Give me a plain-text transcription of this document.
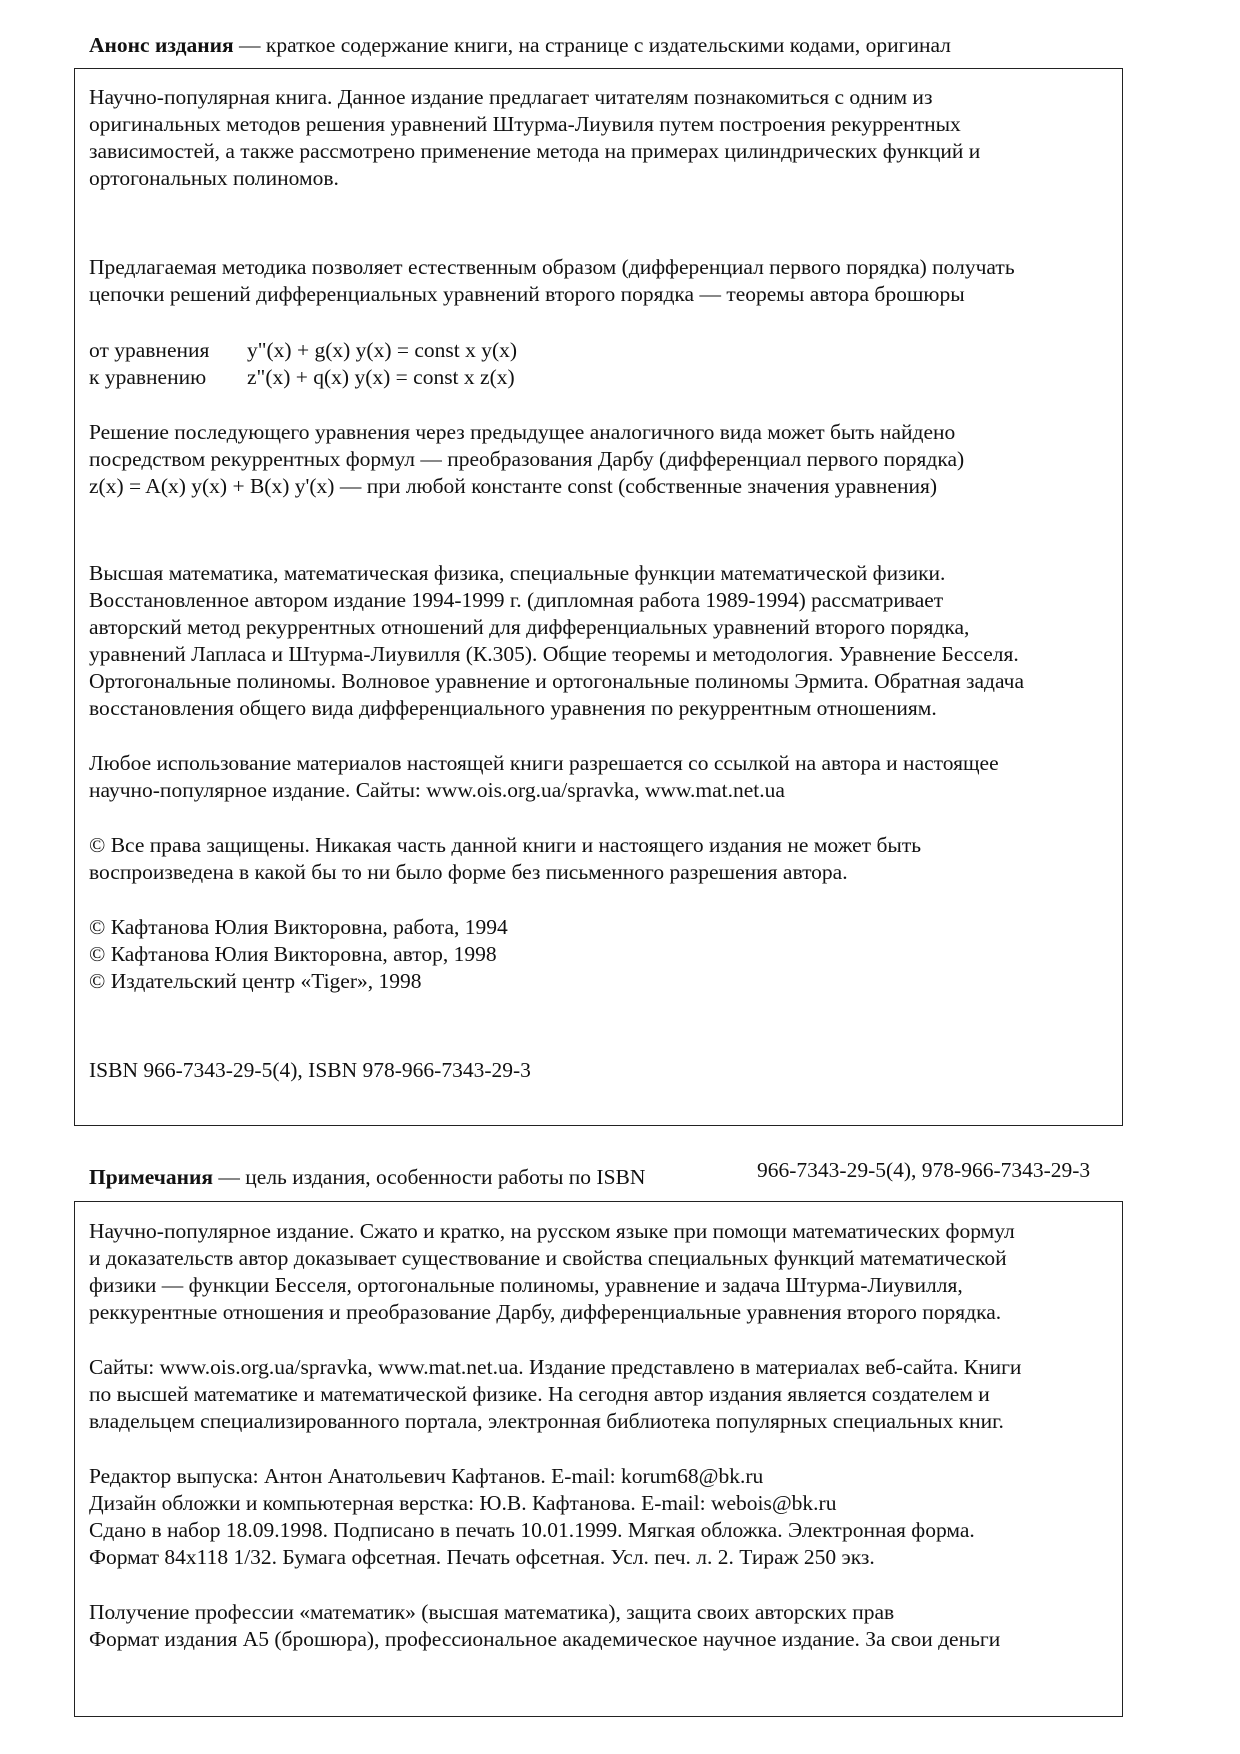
Анонс издания — краткое содержание книги, на странице с издательскими кодами, оригинал
Научно-популярная книга. Данное издание предлагает читателям познакомиться с одним из
оригинальных методов решения уравнений Штурма-Лиувиля путем построения рекуррентных
зависимостей, а также рассмотрено применение метода на примерах цилиндрических функций и
ортогональных полиномов.
Предлагаемая методика позволяет естественным образом (дифференциал первого порядка) получать
цепочки решений дифференциальных уравнений второго порядка — теоремы автора брошюры
от уравнения y"(x) + g(x) y(x) = const x y(x)
к уравнению z"(x) + q(x) y(x) = const x z(x)
Решение последующего уравнения через предыдущее аналогичного вида может быть найдено
посредством рекуррентных формул — преобразования Дарбу (дифференциал первого порядка)
z(x) = A(x) y(x) + B(x) y'(x) — при любой константе const (собственные значения уравнения)
Высшая математика, математическая физика, специальные функции математической физики.
Восстановленное автором издание 1994-1999 г. (дипломная работа 1989-1994) рассматривает
авторский метод рекуррентных отношений для дифференциальных уравнений второго порядка,
уравнений Лапласа и Штурма-Лиувилля (К.305). Общие теоремы и методология. Уравнение Бесселя.
Ортогональные полиномы. Волновое уравнение и ортогональные полиномы Эрмита. Обратная задача
восстановления общего вида дифференциального уравнения по рекуррентным отношениям.
Любое использование материалов настоящей книги разрешается со ссылкой на автора и настоящее
научно-популярное издание. Сайты: www.ois.org.ua/spravka, www.mat.net.ua
© Все права защищены. Никакая часть данной книги и настоящего издания не может быть
воспроизведена в какой бы то ни было форме без письменного разрешения автора.
© Кафтанова Юлия Викторовна, работа, 1994
© Кафтанова Юлия Викторовна, автор, 1998
© Издательский центр «Tiger», 1998
ISBN 966-7343-29-5(4), ISBN 978-966-7343-29-3
Примечания — цель издания, особенности работы по ISBN	966-7343-29-5(4), 978-966-7343-29-3
Научно-популярное издание. Сжато и кратко, на русском языке при помощи математических формул
и доказательств автор доказывает существование и свойства специальных функций математической
физики — функции Бесселя, ортогональные полиномы, уравнение и задача Штурма-Лиувилля,
реккурентные отношения и преобразование Дарбу, дифференциальные уравнения второго порядка.
Сайты: www.ois.org.ua/spravka, www.mat.net.ua. Издание представлено в материалах веб-сайта. Книги
по высшей математике и математической физике. На сегодня автор издания является создателем и
владельцем специализированного портала, электронная библиотека популярных специальных книг.
Редактор выпуска: Антон Анатольевич Кафтанов. E-mail: korum68@bk.ru
Дизайн обложки и компьютерная верстка: Ю.В. Кафтанова. E-mail: webois@bk.ru
Сдано в набор 18.09.1998. Подписано в печать 10.01.1999. Мягкая обложка. Электронная форма.
Формат 84x118 1/32. Бумага офсетная. Печать офсетная. Усл. печ. л. 2. Тираж 250 экз.
Получение профессии «математик» (высшая математика), защита своих авторских прав
Формат издания А5 (брошюра), профессиональное академическое научное издание. За свои деньги
